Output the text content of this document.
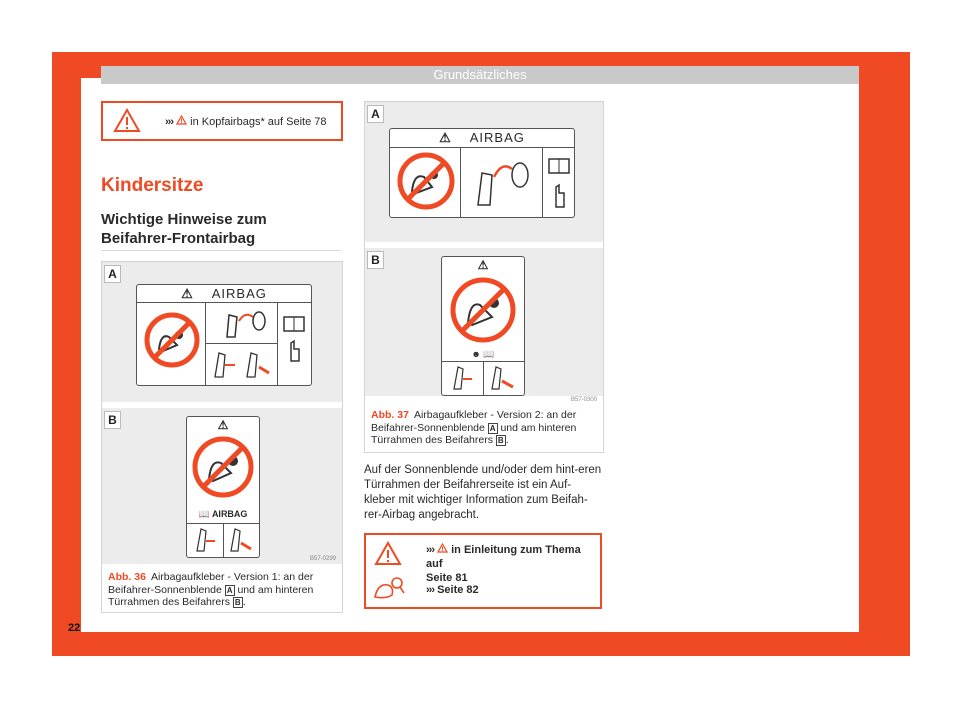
Grundsätzliches
››› in Kopfairbags* auf Seite 78
Kindersitze
Wichtige Hinweise zum Beifahrer-Frontairbag
A
B
⚠ AIRBAG
⚠
📖 AIRBAG
B57-0299
Abb. 36 Airbagaufkleber - Version 1: an der
Beifahrer-Sonnenblende A und am hinteren
Türrahmen des Beifahrers B .
A
B
⚠ AIRBAG
⚠
☻ 📖
B57-0300
Abb. 37 Airbagaufkleber - Version 2: an der
Beifahrer-Sonnenblende A und am hinteren
Türrahmen des Beifahrers B .
Auf der Sonnenblende und/oder dem hint-eren Türrahmen der Beifahrerseite ist ein Auf-kleber mit wichtiger Information zum Beifah-rer-Airbag angebracht.
››› in Einleitung zum Thema auf
Seite 81
››› Seite 82
22
